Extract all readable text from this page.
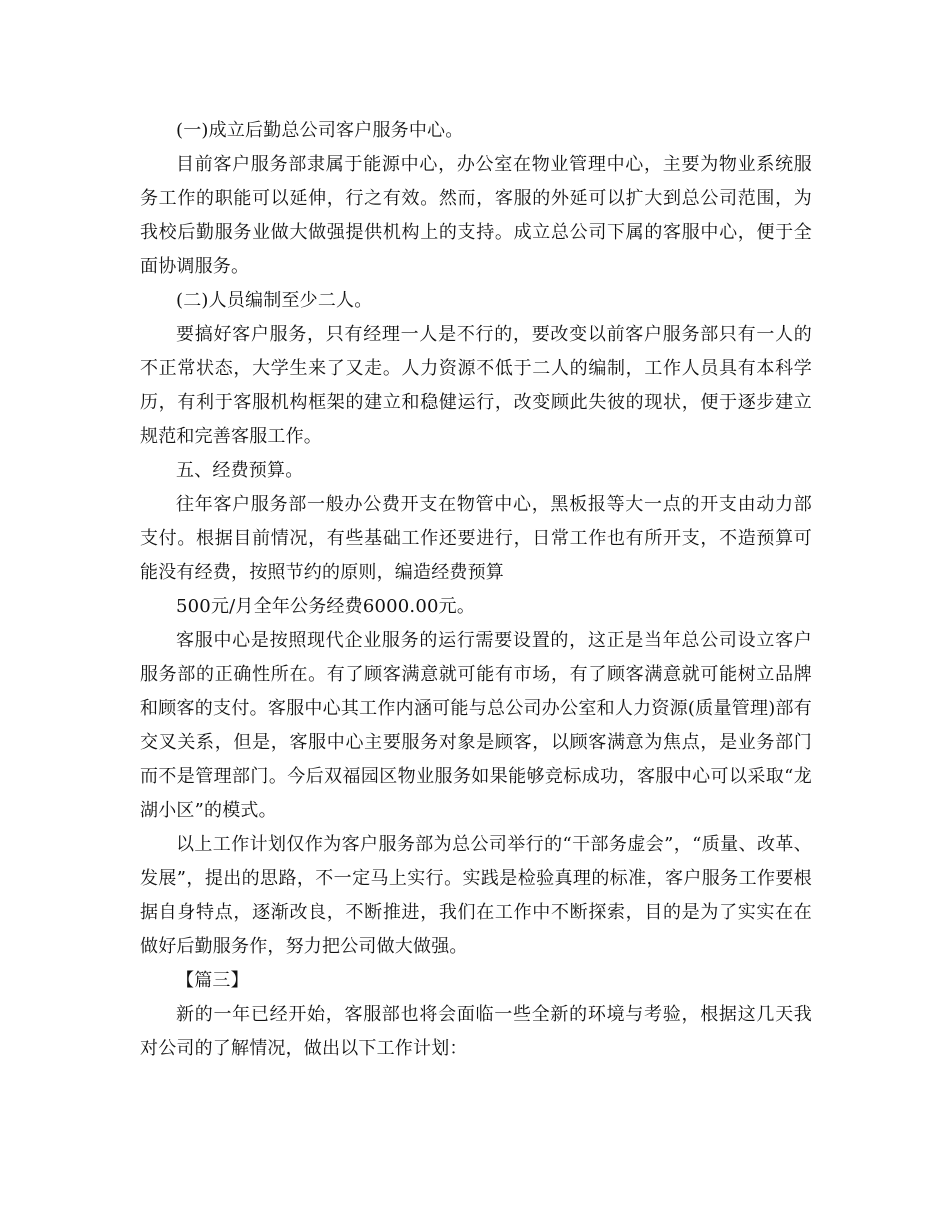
(一)成立后勤总公司客户服务中心。

目前客户服务部隶属于能源中心，办公室在物业管理中心，主要为物业系统服务工作的职能可以延伸，行之有效。然而，客服的外延可以扩大到总公司范围，为我校后勤服务业做大做强提供机构上的支持。成立总公司下属的客服中心，便于全面协调服务。

(二)人员编制至少二人。

要搞好客户服务，只有经理一人是不行的，要改变以前客户服务部只有一人的不正常状态，大学生来了又走。人力资源不低于二人的编制，工作人员具有本科学历，有利于客服机构框架的建立和稳健运行，改变顾此失彼的现状，便于逐步建立规范和完善客服工作。

五、经费预算。

往年客户服务部一般办公费开支在物管中心，黑板报等大一点的开支由动力部支付。根据目前情况，有些基础工作还要进行，日常工作也有所开支，不造预算可能没有经费，按照节约的原则，编造经费预算

500元/月全年公务经费6000.00元。

客服中心是按照现代企业服务的运行需要设置的，这正是当年总公司设立客户服务部的正确性所在。有了顾客满意就可能有市场，有了顾客满意就可能树立品牌和顾客的支付。客服中心其工作内涵可能与总公司办公室和人力资源(质量管理)部有交叉关系，但是，客服中心主要服务对象是顾客，以顾客满意为焦点，是业务部门而不是管理部门。今后双福园区物业服务如果能够竞标成功，客服中心可以采取“龙湖小区”的模式。

以上工作计划仅作为客户服务部为总公司举行的“干部务虚会”，“质量、改革、发展”，提出的思路，不一定马上实行。实践是检验真理的标准，客户服务工作要根据自身特点，逐渐改良，不断推进，我们在工作中不断探索，目的是为了实实在在做好后勤服务作，努力把公司做大做强。

【篇三】

新的一年已经开始，客服部也将会面临一些全新的环境与考验，根据这几天我对公司的了解情况，做出以下工作计划：
